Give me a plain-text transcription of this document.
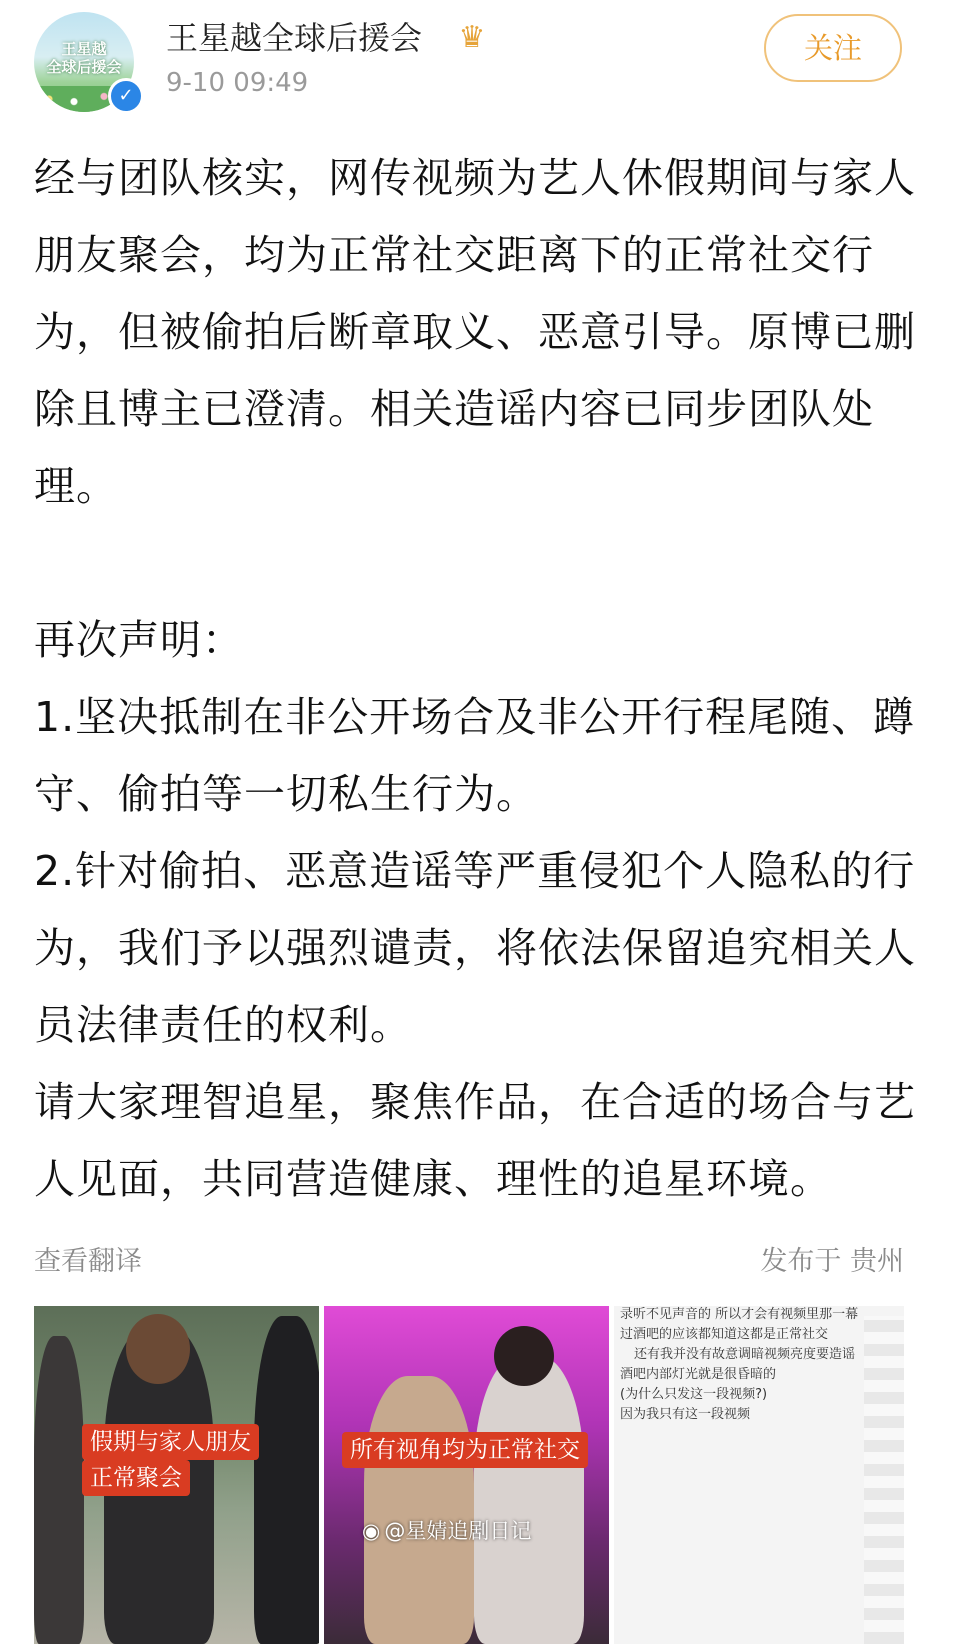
王星越
全球后援会
✓
王星越全球后援会 ♛
9-10 09:49
关注

经与团队核实，网传视频为艺人休假期间与家人朋友聚会，均为正常社交距离下的正常社交行为，但被偷拍后断章取义、恶意引导。原博已删除且博主已澄清。相关造谣内容已同步团队处理。

再次声明：

1.坚决抵制在非公开场合及非公开行程尾随、蹲守、偷拍等一切私生行为。

2.针对偷拍、恶意造谣等严重侵犯个人隐私的行为，我们予以强烈谴责，将依法保留追究相关人员法律责任的权利。

请大家理智追星，聚焦作品，在合适的场合与艺人见面，共同营造健康、理性的追星环境。

查看翻译	发布于 贵州
假期与家人朋友
正常聚会
所有视角均为正常社交
录听不见声音的 所以才会有视频里那一幕
过酒吧的应该都知道这都是正常社交
还有我并没有故意调暗视频亮度要造谣
酒吧内部灯光就是很昏暗的
(为什么只发这一段视频?)
因为我只有这一段视频
◉ @星婧追剧日记
